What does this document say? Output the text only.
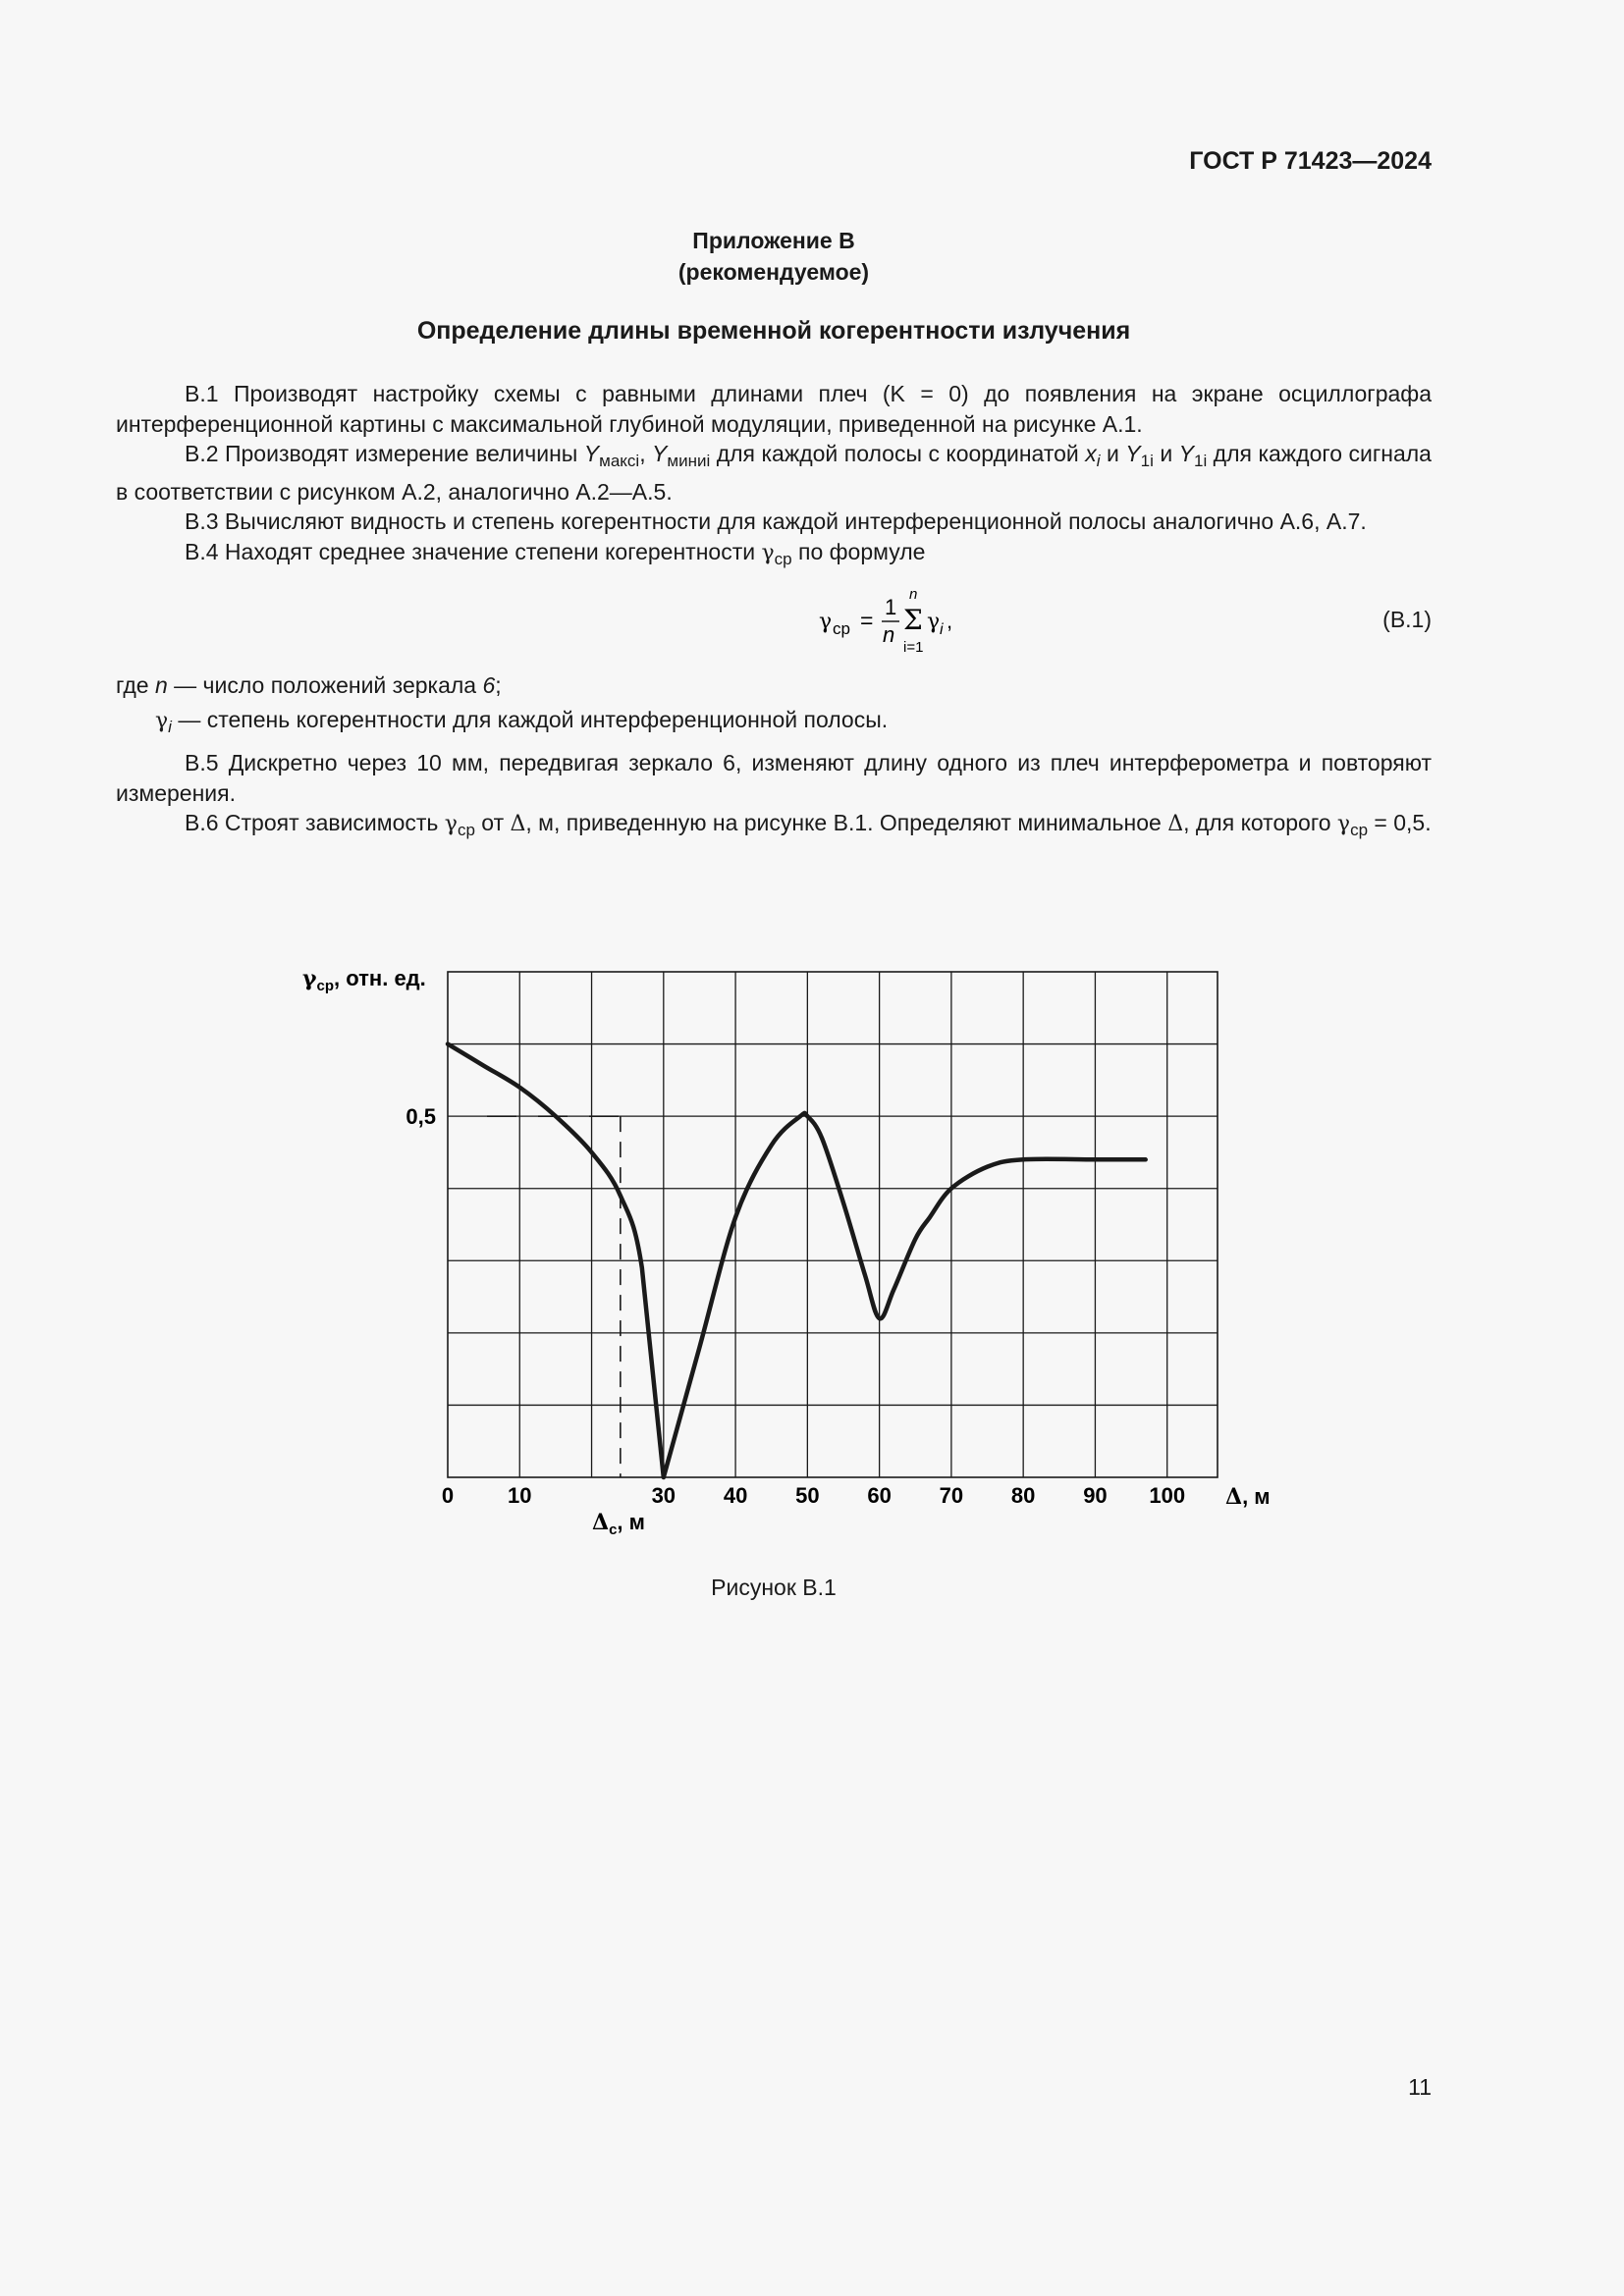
ГОСТ Р 71423—2024
Приложение В
(рекомендуемое)
Определение длины временной когерентности излучения

В.1 Производят настройку схемы с равными длинами плеч (K = 0) до появления на экране осциллографа интерференционной картины с максимальной глубиной модуляции, приведенной на рисунке А.1.

В.2 Производят измерение величины $Y_{максi}$, $Y_{миниi}$ для каждой полосы с координатой $x_i$ и $Y_{1i}$ и $Y_{1i}$ для каждого сигнала в соответствии с рисунком А.2, аналогично А.2—А.5.

В.3 Вычисляют видность и степень когерентности для каждой интерференционной полосы аналогично А.6, А.7.

В.4 Находят среднее значение степени когерентности $\gamma_{ср}$ по формуле

γ ср =
1
n
n
Σ
i=1
γ i ,	(В.1)

где n — число положений зеркала 6;

$\gamma_i$ — степень когерентности для каждой интерференционной полосы.

В.5 Дискретно через 10 мм, передвигая зеркало 6, изменяют длину одного из плеч интерферометра и повторяют измерения.

В.6 Строят зависимость $\gamma_{ср}$ от Δ, м, приведенную на рисунке В.1. Определяют минимальное Δ, для которого $\gamma_{ср} = 0,5$.

$\gamma_{ср}$, отн. ед.
Δ, м
$\Delta_c$, м
0 10	30 40 50 60 70 80 90 100
0,5
Рисунок В.1
11
